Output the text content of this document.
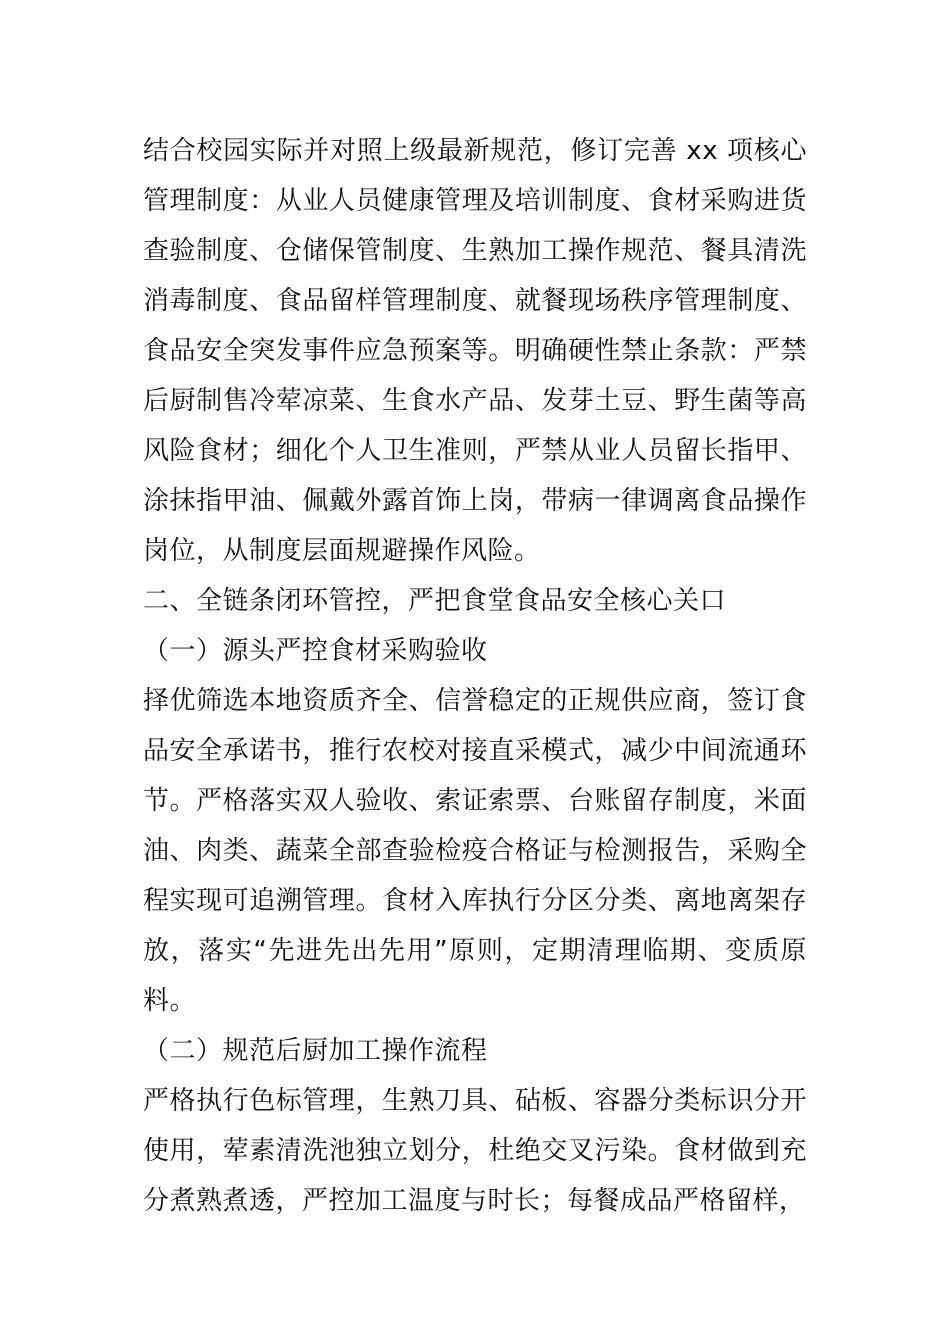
结合校园实际并对照上级最新规范，修订完善 xx 项核心管理制度：从业人员健康管理及培训制度、食材采购进货查验制度、仓储保管制度、生熟加工操作规范、餐具清洗消毒制度、食品留样管理制度、就餐现场秩序管理制度、食品安全突发事件应急预案等。明确硬性禁止条款：严禁后厨制售冷荤凉菜、生食水产品、发芽土豆、野生菌等高风险食材；细化个人卫生准则，严禁从业人员留长指甲、涂抹指甲油、佩戴外露首饰上岗，带病一律调离食品操作岗位，从制度层面规避操作风险。

二、全链条闭环管控，严把食堂食品安全核心关口

（一）源头严控食材采购验收

择优筛选本地资质齐全、信誉稳定的正规供应商，签订食品安全承诺书，推行农校对接直采模式，减少中间流通环节。严格落实双人验收、索证索票、台账留存制度，米面油、肉类、蔬菜全部查验检疫合格证与检测报告，采购全程实现可追溯管理。食材入库执行分区分类、离地离架存放，落实“先进先出先用”原则，定期清理临期、变质原料。

（二）规范后厨加工操作流程

严格执行色标管理，生熟刀具、砧板、容器分类标识分开使用，荤素清洗池独立划分，杜绝交叉污染。食材做到充分煮熟煮透，严控加工温度与时长；每餐成品严格留样，
